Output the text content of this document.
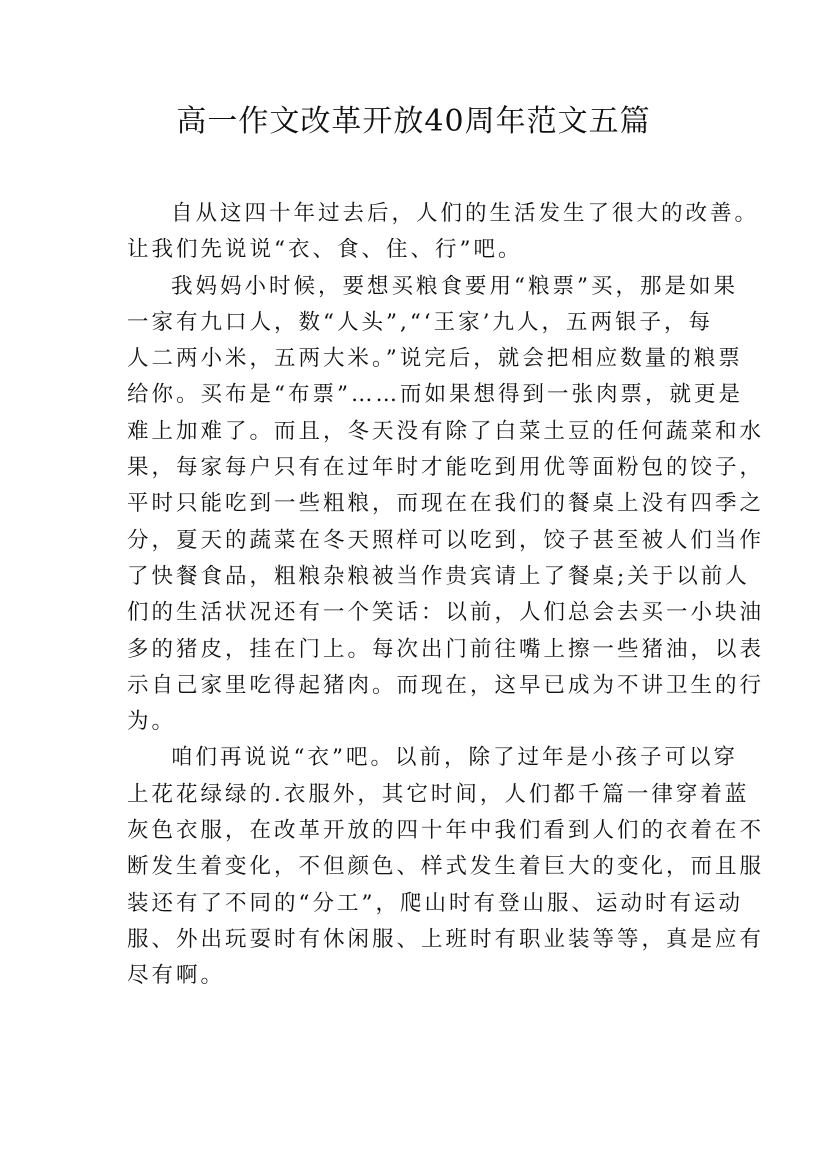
高一作文改革开放40周年范文五篇

自从这四十年过去后，人们的生活发生了很大的改善。

让我们先说说“衣、食、住、行”吧。

我妈妈小时候，要想买粮食要用“粮票”买，那是如果

一家有九口人，数“人头”,“‘王家’九人，五两银子，每

人二两小米，五两大米。”说完后，就会把相应数量的粮票

给你。买布是“布票”……而如果想得到一张肉票，就更是

难上加难了。而且，冬天没有除了白菜土豆的任何蔬菜和水

果，每家每户只有在过年时才能吃到用优等面粉包的饺子，

平时只能吃到一些粗粮，而现在在我们的餐桌上没有四季之

分，夏天的蔬菜在冬天照样可以吃到，饺子甚至被人们当作

了快餐食品，粗粮杂粮被当作贵宾请上了餐桌;关于以前人

们的生活状况还有一个笑话：以前，人们总会去买一小块油

多的猪皮，挂在门上。每次出门前往嘴上擦一些猪油，以表

示自己家里吃得起猪肉。而现在，这早已成为不讲卫生的行

为。

咱们再说说“衣”吧。以前，除了过年是小孩子可以穿

上花花绿绿的.衣服外，其它时间，人们都千篇一律穿着蓝

灰色衣服，在改革开放的四十年中我们看到人们的衣着在不

断发生着变化，不但颜色、样式发生着巨大的变化，而且服

装还有了不同的“分工”，爬山时有登山服、运动时有运动

服、外出玩耍时有休闲服、上班时有职业装等等，真是应有

尽有啊。
